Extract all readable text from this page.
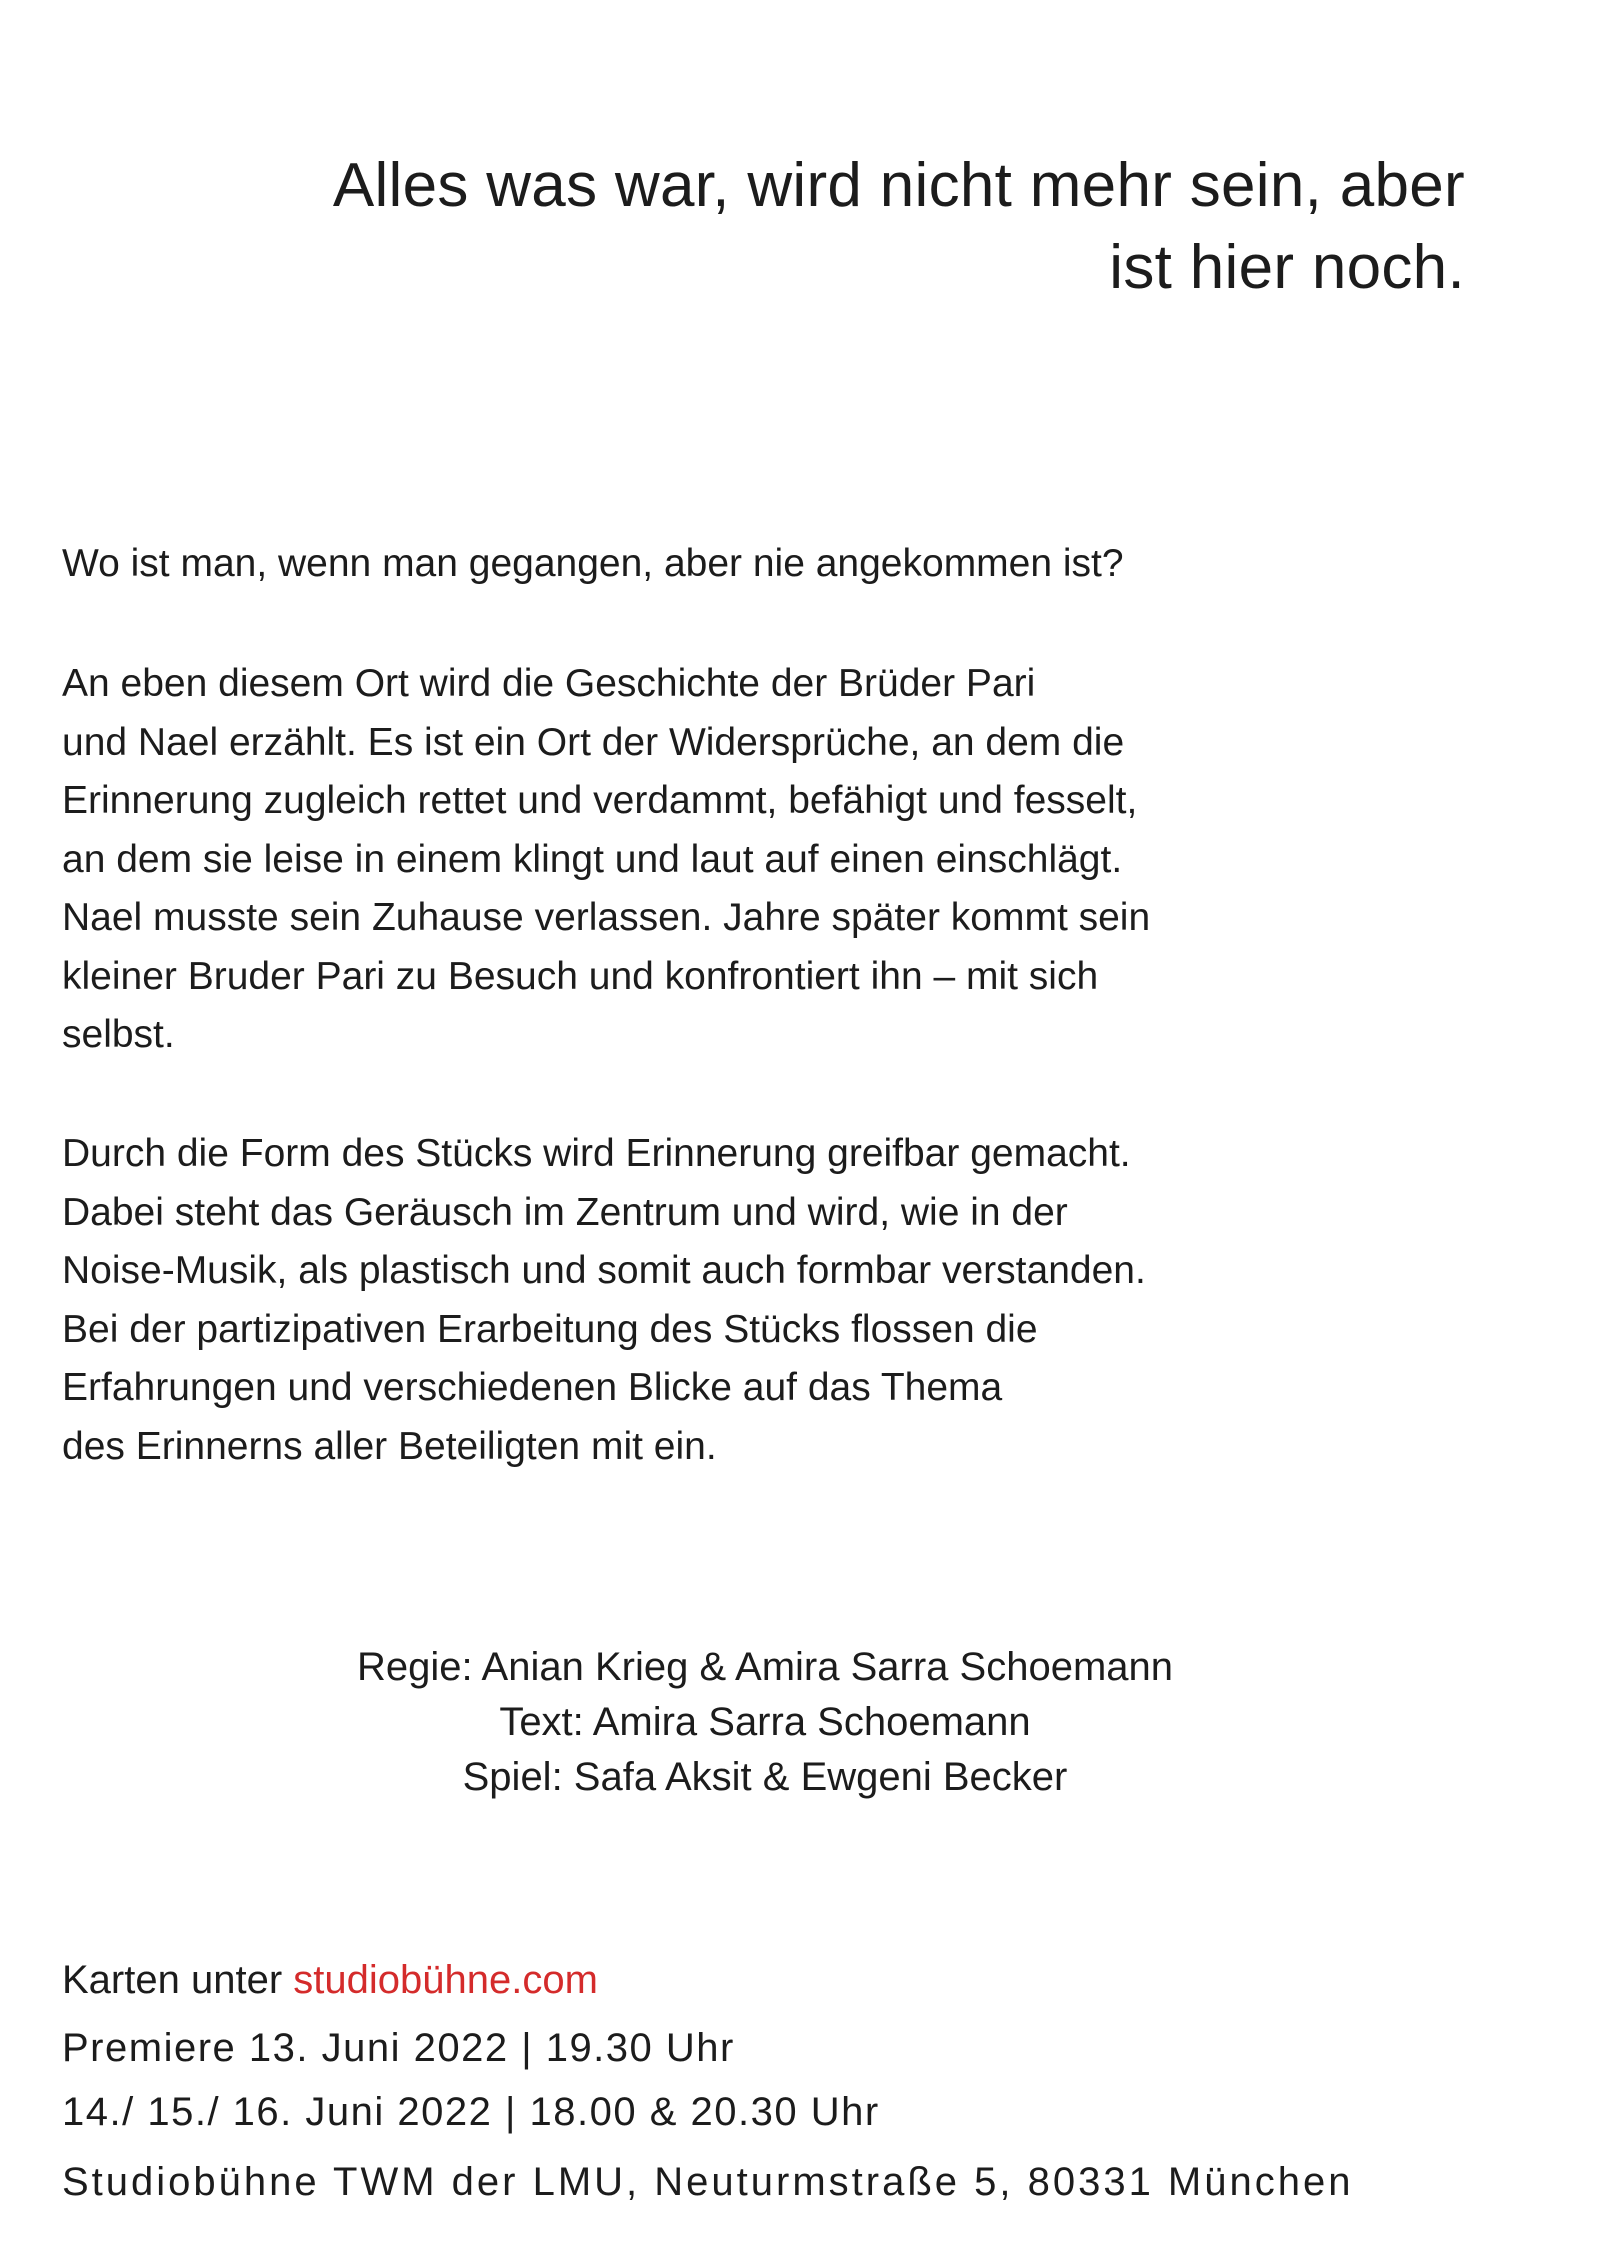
Alles was war, wird nicht mehr sein, aber
ist hier noch.

Wo ist man, wenn man gegangen, aber nie angekommen ist?

An eben diesem Ort wird die Geschichte der Brüder Pari
und Nael erzählt. Es ist ein Ort der Widersprüche, an dem die
Erinnerung zugleich rettet und verdammt, befähigt und fesselt,
an dem sie leise in einem klingt und laut auf einen einschlägt.
Nael musste sein Zuhause verlassen. Jahre später kommt sein
kleiner Bruder Pari zu Besuch und konfrontiert ihn – mit sich
selbst.

Durch die Form des Stücks wird Erinnerung greifbar gemacht.
Dabei steht das Geräusch im Zentrum und wird, wie in der
Noise-Musik, als plastisch und somit auch formbar verstanden.
Bei der partizipativen Erarbeitung des Stücks flossen die
Erfahrungen und verschiedenen Blicke auf das Thema
des Erinnerns aller Beteiligten mit ein.

Regie: Anian Krieg & Amira Sarra Schoemann
Text: Amira Sarra Schoemann
Spiel: Safa Aksit & Ewgeni Becker
Karten unter studiobühne.com
Premiere 13. Juni 2022 | 19.30 Uhr
14./ 15./ 16. Juni 2022 | 18.00 & 20.30 Uhr
Studiobühne TWM der LMU, Neuturmstraße 5, 80331 München
